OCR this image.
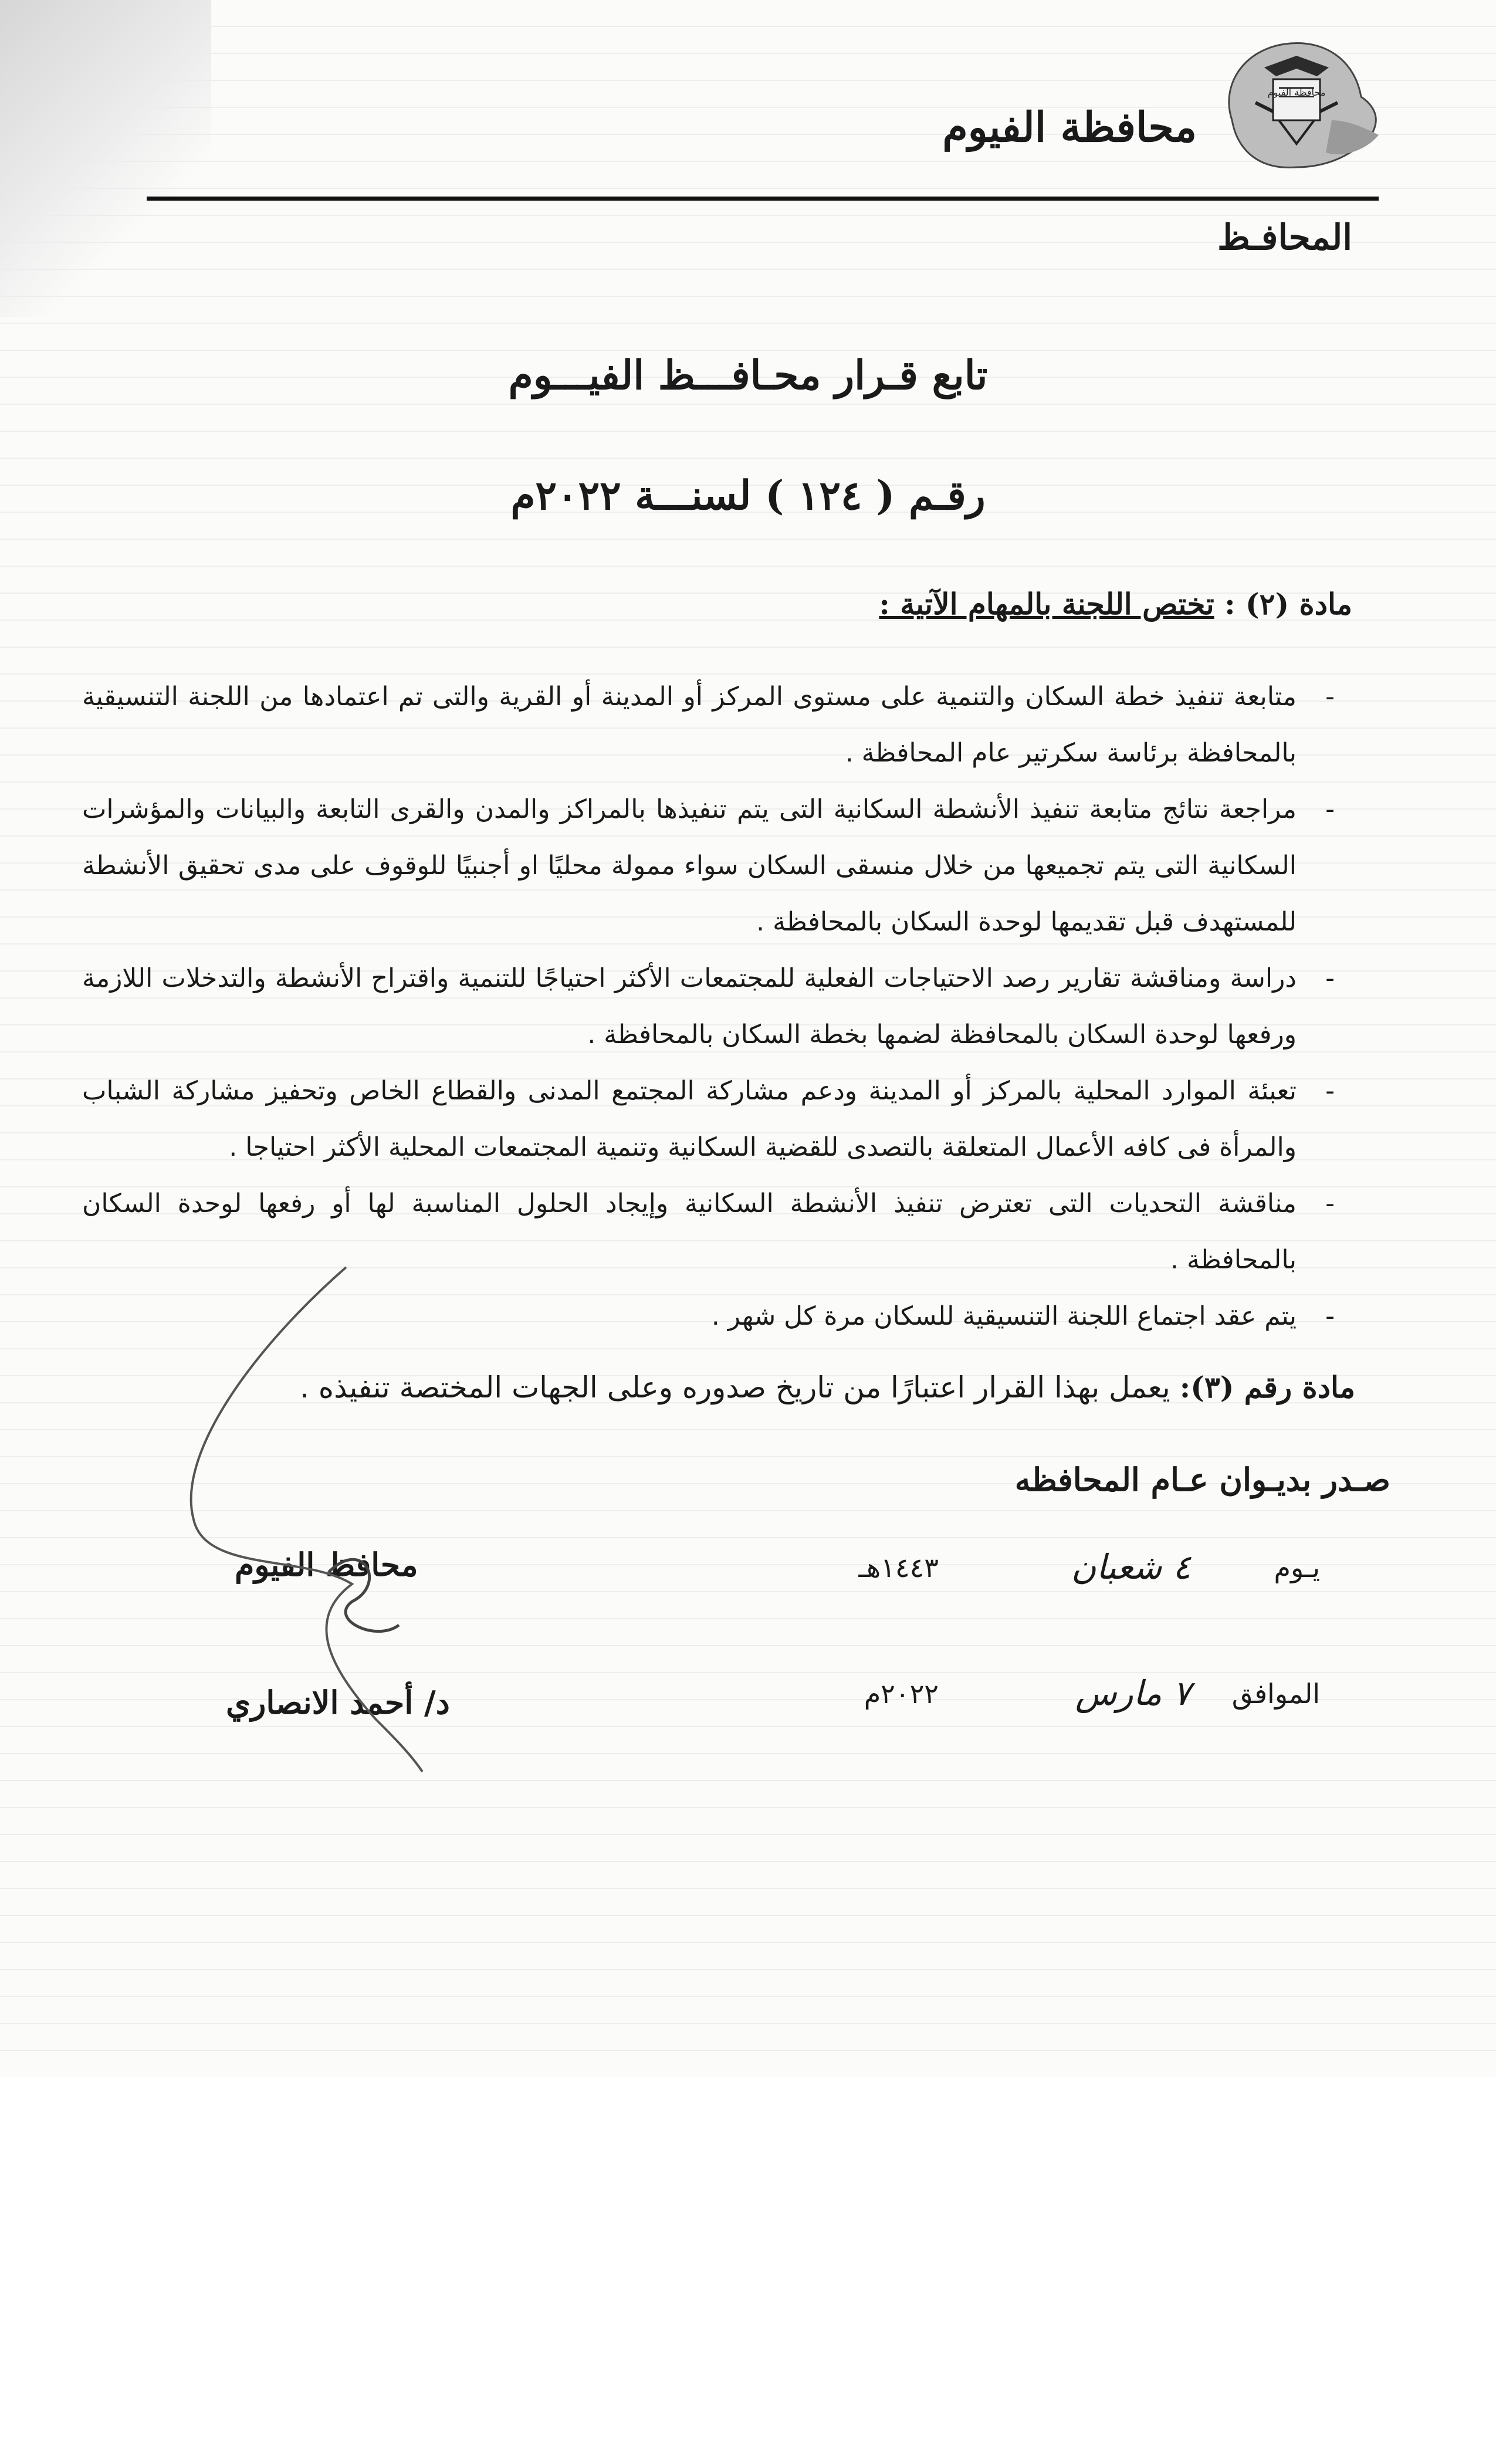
محافظة الفيوم
محافظة الفيوم
المحافـظ
تابع قـرار محـافـــظ الفيـــوم
رقـم ( ١٢٤ ) لسنـــة ٢٠٢٢م
مادة (٢) : تختص اللجنة بالمهام الآتية :
- متابعة تنفيذ خطة السكان والتنمية على مستوى المركز أو المدينة أو القرية والتى تم اعتمادها من اللجنة التنسيقية بالمحافظة برئاسة سكرتير عام المحافظة .
- مراجعة نتائج متابعة تنفيذ الأنشطة السكانية التى يتم تنفيذها بالمراكز والمدن والقرى التابعة والبيانات والمؤشرات السكانية التى يتم تجميعها من خلال منسقى السكان سواء ممولة محليًا او أجنبيًا للوقوف على مدى تحقيق الأنشطة للمستهدف قبل تقديمها لوحدة السكان بالمحافظة .
- دراسة ومناقشة تقارير رصد الاحتياجات الفعلية للمجتمعات الأكثر احتياجًا للتنمية واقتراح الأنشطة والتدخلات اللازمة ورفعها لوحدة السكان بالمحافظة لضمها بخطة السكان بالمحافظة .
- تعبئة الموارد المحلية بالمركز أو المدينة ودعم مشاركة المجتمع المدنى والقطاع الخاص وتحفيز مشاركة الشباب والمرأة فى كافه الأعمال المتعلقة بالتصدى للقضية السكانية وتنمية المجتمعات المحلية الأكثر احتياجا .
- مناقشة التحديات التى تعترض تنفيذ الأنشطة السكانية وإيجاد الحلول المناسبة لها أو رفعها لوحدة السكان بالمحافظة .
- يتم عقد اجتماع اللجنة التنسيقية للسكان مرة كل شهر .
مادة رقم (٣): يعمل بهذا القرار اعتبارًا من تاريخ صدوره وعلى الجهات المختصة تنفيذه .
صـدر بديـوان عـام المحافظه
يـوم
٤ شعبان
١٤٤٣هـ
الموافق
٧ مارس
٢٠٢٢م
محافظ الفيوم
د/ أحمد الانصاري
